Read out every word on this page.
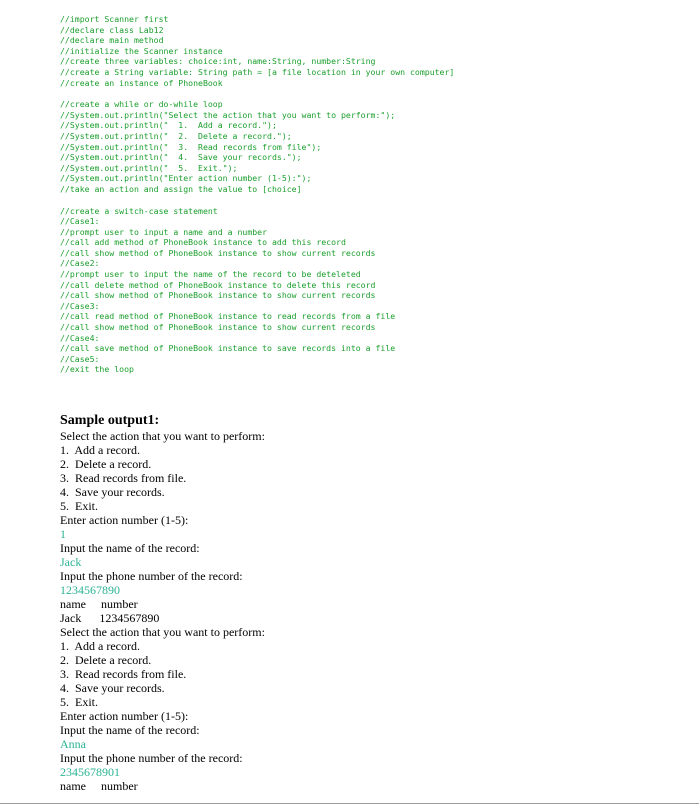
//import Scanner first
//declare class Lab12
//declare main method
//initialize the Scanner instance
//create three variables: choice:int, name:String, number:String
//create a String variable: String path = [a file location in your own computer]
//create an instance of PhoneBook
//create a while or do-while loop
//System.out.println("Select the action that you want to perform:");
//System.out.println("  1.  Add a record.");
//System.out.println("  2.  Delete a record.");
//System.out.println("  3.  Read records from file");
//System.out.println("  4.  Save your records.");
//System.out.println("  5.  Exit.");
//System.out.println("Enter action number (1-5):");
//take an action and assign the value to [choice]
//create a switch-case statement
//Case1:
//prompt user to input a name and a number
//call add method of PhoneBook instance to add this record
//call show method of PhoneBook instance to show current records
//Case2:
//prompt user to input the name of the record to be deteleted
//call delete method of PhoneBook instance to delete this record
//call show method of PhoneBook instance to show current records
//Case3:
//call read method of PhoneBook instance to read records from a file
//call show method of PhoneBook instance to show current records
//Case4:
//call save method of PhoneBook instance to save records into a file
//Case5:
//exit the loop
Sample output1:
Select the action that you want to perform:
1.  Add a record.
2.  Delete a record.
3.  Read records from file.
4.  Save your records.
5.  Exit.
Enter action number (1-5):
1
Input the name of the record:
Jack
Input the phone number of the record:
1234567890
name     number
Jack      1234567890
Select the action that you want to perform:
1.  Add a record.
2.  Delete a record.
3.  Read records from file.
4.  Save your records.
5.  Exit.
Enter action number (1-5):
Input the name of the record:
Anna
Input the phone number of the record:
2345678901
name     number
